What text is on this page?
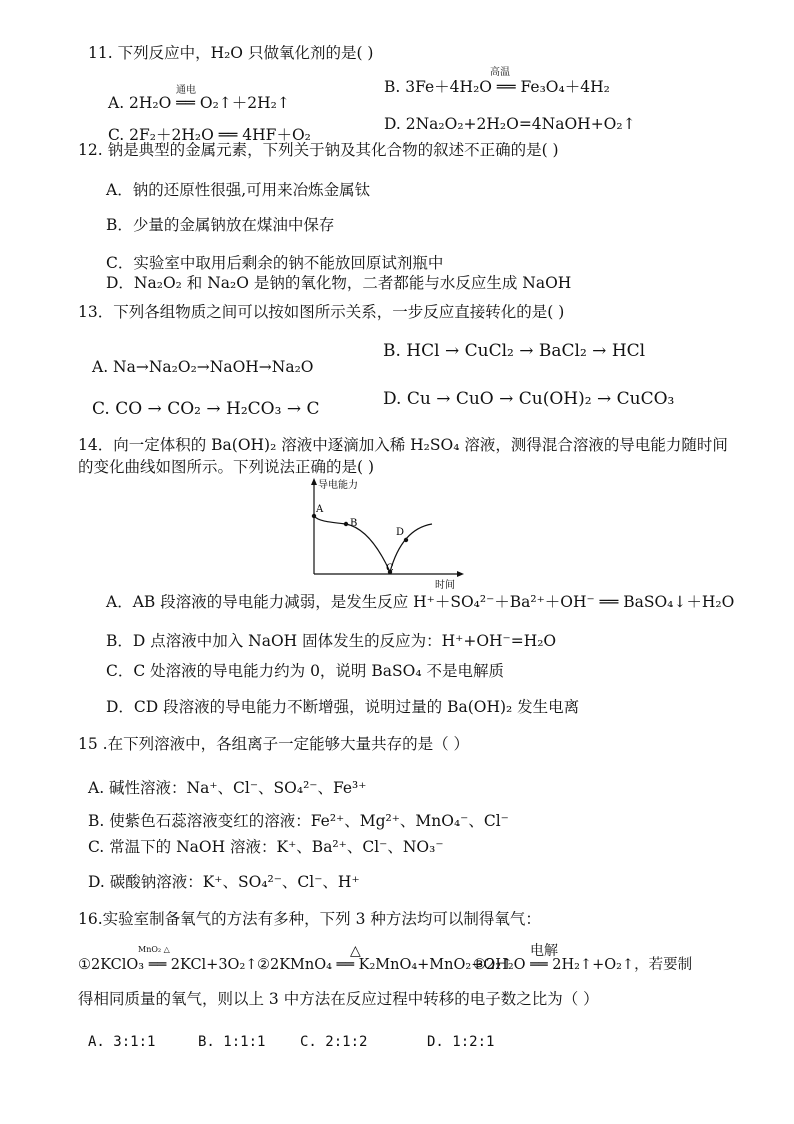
11. 下列反应中，H₂O 只做氧化剂的是( )
通电
A. 2H₂O ══ O₂↑＋2H₂↑
高温
B. 3Fe＋4H₂O ══ Fe₃O₄＋4H₂
C. 2F₂＋2H₂O ══ 4HF＋O₂
D. 2Na₂O₂+2H₂O=4NaOH+O₂↑
12. 钠是典型的金属元素，下列关于钠及其化合物的叙述不正确的是( )
A．钠的还原性很强,可用来冶炼金属钛
B．少量的金属钠放在煤油中保存
C．实验室中取用后剩余的钠不能放回原试剂瓶中
D．Na₂O₂ 和 Na₂O 是钠的氧化物，二者都能与水反应生成 NaOH
13．下列各组物质之间可以按如图所示关系，一步反应直接转化的是( )
A. Na→Na₂O₂→NaOH→Na₂O
B. HCl → CuCl₂ → BaCl₂ → HCl
C. CO → CO₂ → H₂CO₃ → C	D. Cu → CuO → Cu(OH)₂ → CuCO₃
14．向一定体积的 Ba(OH)₂ 溶液中逐滴加入稀 H₂SO₄ 溶液，测得混合溶液的导电能力随时间
的变化曲线如图所示。下列说法正确的是( )
导电能力
时间
A
B
C
D
A．AB 段溶液的导电能力减弱，是发生反应 H⁺＋SO₄²⁻＋Ba²⁺＋OH⁻ ══ BaSO₄↓＋H₂O
B．D 点溶液中加入 NaOH 固体发生的反应为：H⁺+OH⁻=H₂O
C．C 处溶液的导电能力约为 0，说明 BaSO₄ 不是电解质
D．CD 段溶液的导电能力不断增强，说明过量的 Ba(OH)₂ 发生电离
15 .在下列溶液中，各组离子一定能够大量共存的是（ ）
A. 碱性溶液：Na⁺、Cl⁻、SO₄²⁻、Fe³⁺
B. 使紫色石蕊溶液变红的溶液：Fe²⁺、Mg²⁺、MnO₄⁻、Cl⁻
C. 常温下的 NaOH 溶液：K⁺、Ba²⁺、Cl⁻、NO₃⁻
D. 碳酸钠溶液：K⁺、SO₄²⁻、Cl⁻、H⁺
16.实验室制备氧气的方法有多种，下列 3 种方法均可以制得氧气：
MnO₂ △
①2KClO₃ ══ 2KCl+3O₂↑
△
②2KMnO₄ ══ K₂MnO₄+MnO₂+O₂↑
电解
③2H₂O ══ 2H₂↑+O₂↑，若要制
得相同质量的氧气，则以上 3 中方法在反应过程中转移的电子数之比为（ ）
A. 3:1:1	B. 1:1:1 C. 2:1:2	D. 1:2:1
